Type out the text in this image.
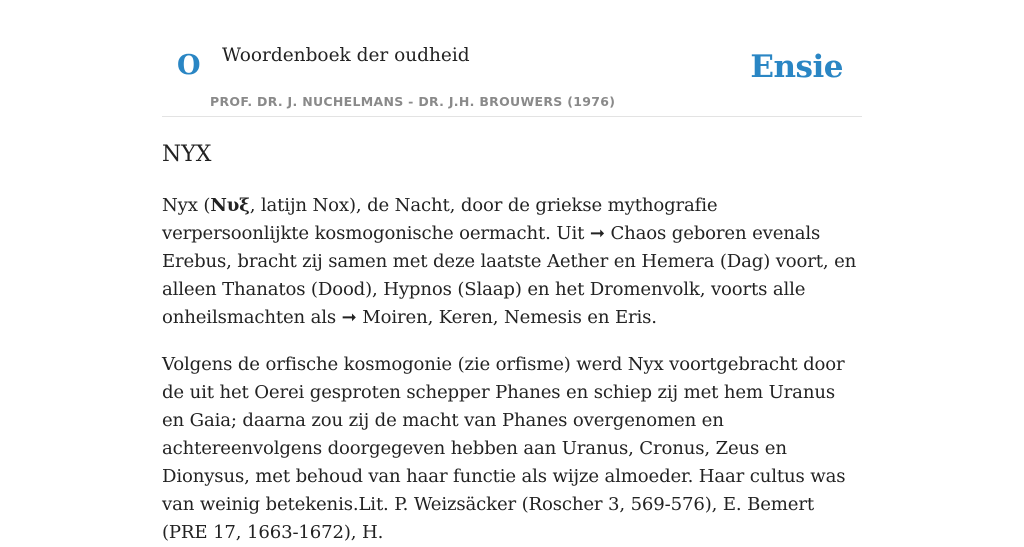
O Woordenboek der oudheid
PROF. DR. J. NUCHELMANS - DR. J.H. BROUWERS (1976)
Ensie
NYX

Nyx (Νυξ, latijn Nox), de Nacht, door de griekse mythografie verpersoonlijkte kosmogonische oermacht. Uit ➞ Chaos geboren evenals Erebus, bracht zij samen met deze laatste Aether en Hemera (Dag) voort, en alleen Thanatos (Dood), Hypnos (Slaap) en het Dromenvolk, voorts alle onheilsmachten als ➞ Moiren, Keren, Nemesis en Eris.

Volgens de orfische kosmogonie (zie orfisme) werd Nyx voortgebracht door de uit het Oerei gesproten schepper Phanes en schiep zij met hem Uranus en Gaia; daarna zou zij de macht van Phanes overgenomen en achtereenvolgens doorgegeven hebben aan Uranus, Cronus, Zeus en Dionysus, met behoud van haar functie als wijze almoeder. Haar cultus was van weinig betekenis.Lit. P. Weizsäcker (Roscher 3, 569-576), E. Bemert (PRE 17, 1663-1672), H.
